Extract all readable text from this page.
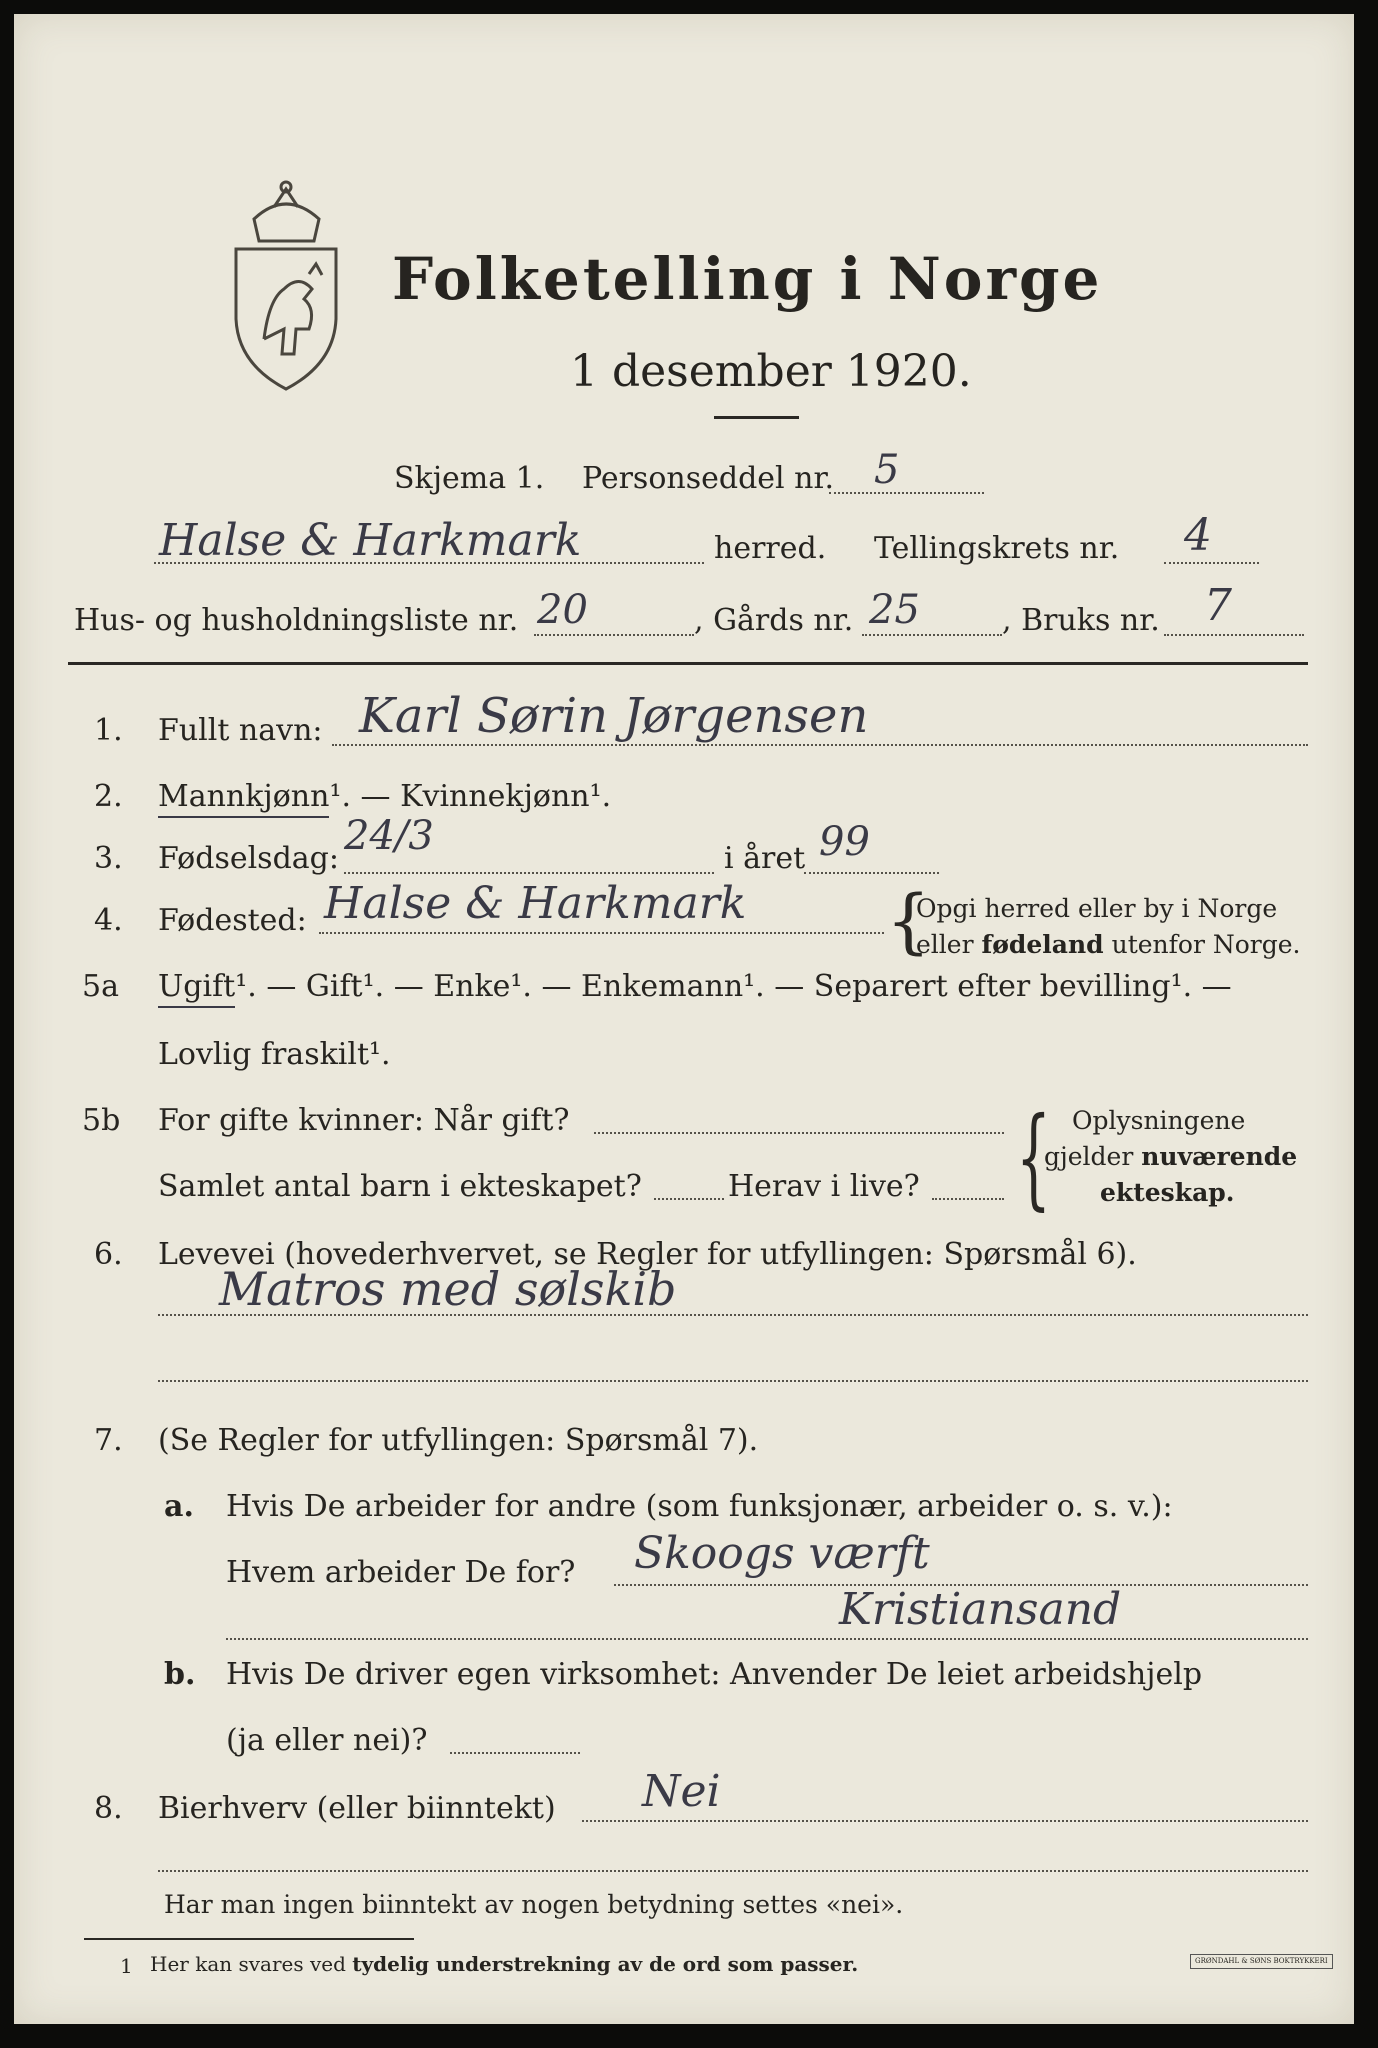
Folketelling i Norge
1 desember 1920.
Skjema 1. Personseddel nr. 5
Halse & Harkmark	herred. Tellingskrets nr. 4
Hus- og husholdningsliste nr. 20	, Gårds nr. 25	, Bruks nr. 7
1. Fullt navn: Karl Sørin Jørgensen
2. Mannkjønn¹. — Kvinnekjønn¹.
3. Fødselsdag: 24/3	i året 99
4. Fødested: Halse & Harkmark {
Opgi herred eller by i Norge
eller fødeland utenfor Norge.
5a Ugift¹. — Gift¹. — Enke¹. — Enkemann¹. — Separert efter bevilling¹. —
Lovlig fraskilt¹.
5b For gifte kvinner: Når gift?
Samlet antal barn i ekteskapet?	Herav i live? { Oplysningene
gjelder nuværende
ekteskap.
6. Levevei (hovederhvervet, se Regler for utfyllingen: Spørsmål 6).
Matros med sølskib
7. (Se Regler for utfyllingen: Spørsmål 7).
a. Hvis De arbeider for andre (som funksjonær, arbeider o. s. v.):
Hvem arbeider De for? Skoogs værft
Kristiansand
b. Hvis De driver egen virksomhet: Anvender De leiet arbeidshjelp
(ja eller nei)?
8. Bierhverv (eller biinntekt) Nei
Har man ingen biinntekt av nogen betydning settes «nei».
1 Her kan svares ved tydelig understrekning av de ord som passer.	GRØNDAHL & SØNS BOKTRYKKERI
